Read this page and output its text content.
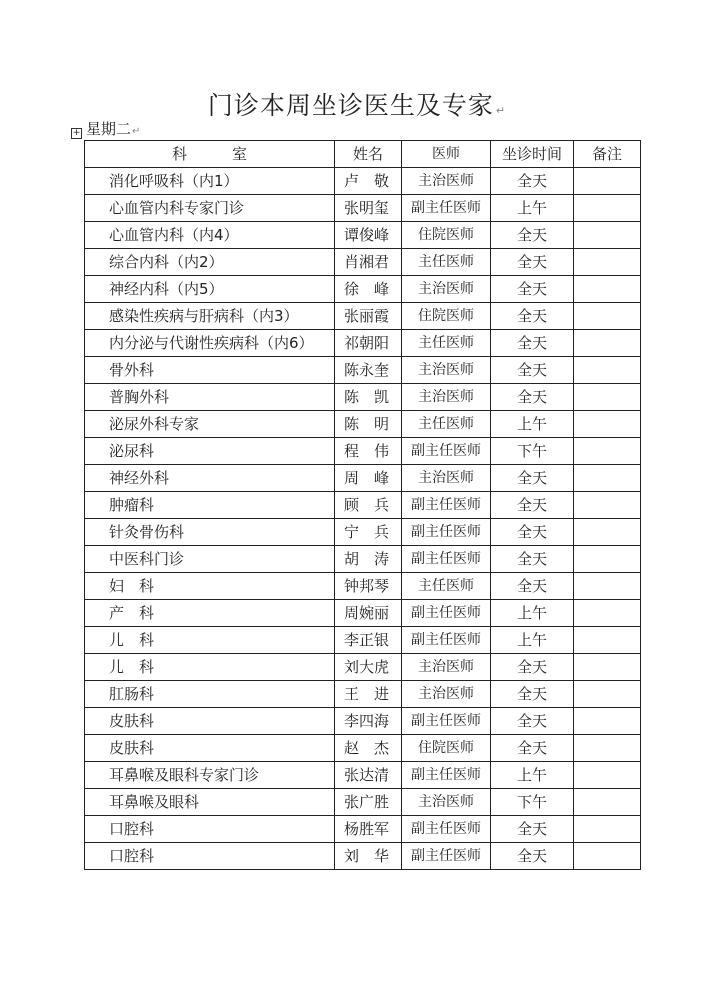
门诊本周坐诊医生及专家 ↵
+ 星期二↵
科　　　室	姓名	医师	坐诊时间	备注
消化呼吸科（内1）	卢　敬	主治医师	全天	
心血管内科专家门诊	张明玺	副主任医师	上午	
心血管内科（内4）	谭俊峰	住院医师	全天	
综合内科（内2）	肖湘君	主任医师	全天	
神经内科（内5）	徐　峰	主治医师	全天	
感染性疾病与肝病科（内3）	张丽霞	住院医师	全天	
内分泌与代谢性疾病科（内6）	祁朝阳	主任医师	全天	
骨外科	陈永奎	主治医师	全天	
普胸外科	陈　凯	主治医师	全天	
泌尿外科专家	陈　明	主任医师	上午	
泌尿科	程　伟	副主任医师	下午	
神经外科	周　峰	主治医师	全天	
肿瘤科	顾　兵	副主任医师	全天	
针灸骨伤科	宁　兵	副主任医师	全天	
中医科门诊	胡　涛	副主任医师	全天	
妇　科	钟邦琴	主任医师	全天	
产　科	周婉丽	副主任医师	上午	
儿　科	李正银	副主任医师	上午	
儿　科	刘大虎	主治医师	全天	
肛肠科	王　进	主治医师	全天	
皮肤科	李四海	副主任医师	全天	
皮肤科	赵　杰	住院医师	全天	
耳鼻喉及眼科专家门诊	张达清	副主任医师	上午	
耳鼻喉及眼科	张广胜	主治医师	下午	
口腔科	杨胜军	副主任医师	全天	
口腔科	刘　华	副主任医师	全天	
